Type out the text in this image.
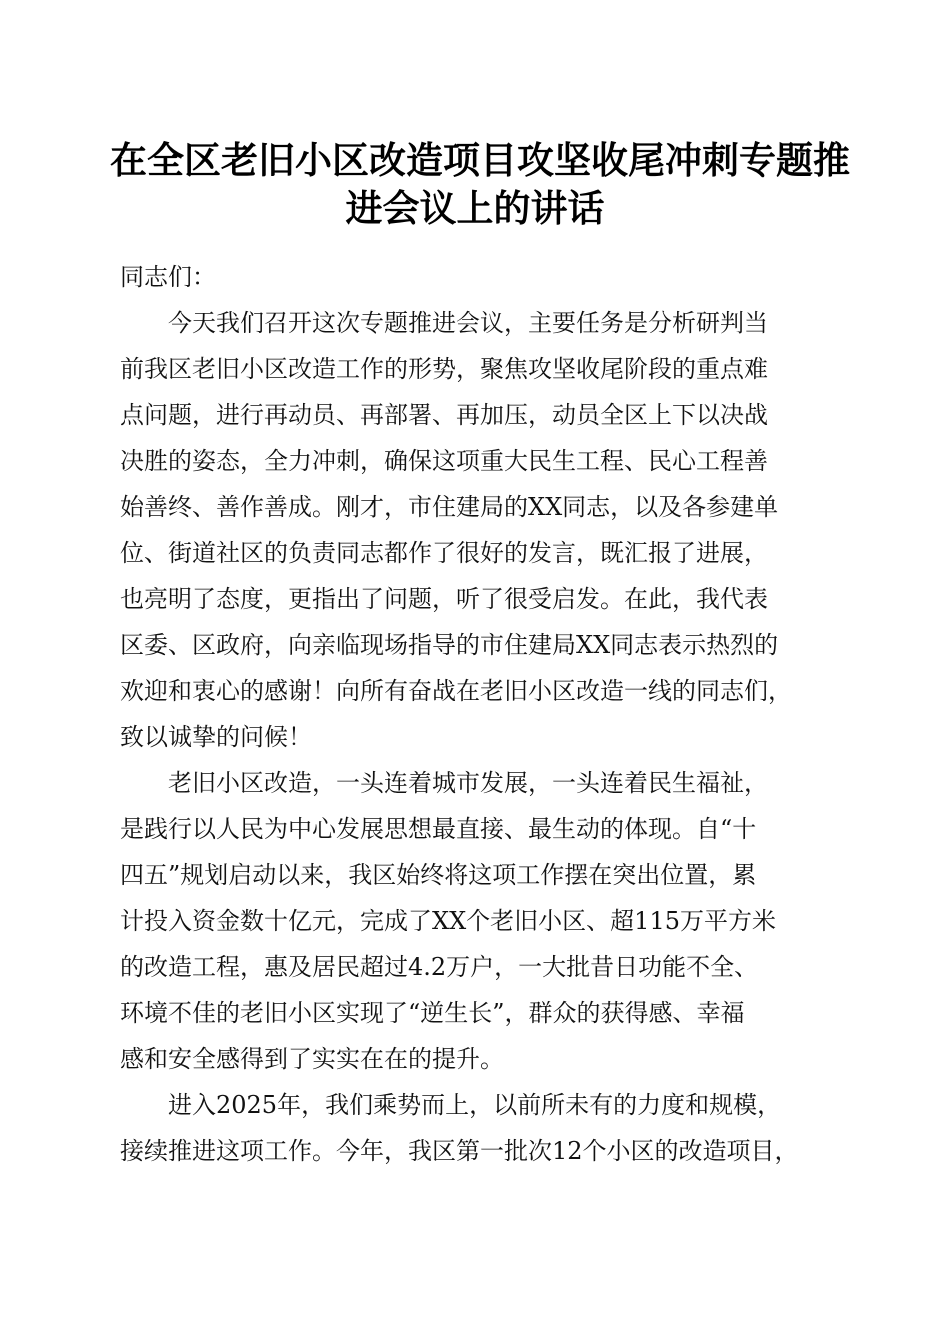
在全区老旧小区改造项目攻坚收尾冲刺专题推
进会议上的讲话
同志们：
今天我们召开这次专题推进会议，主要任务是分析研判当
前我区老旧小区改造工作的形势，聚焦攻坚收尾阶段的重点难
点问题，进行再动员、再部署、再加压，动员全区上下以决战
决胜的姿态，全力冲刺，确保这项重大民生工程、民心工程善
始善终、善作善成。刚才，市住建局的XX同志，以及各参建单
位、街道社区的负责同志都作了很好的发言，既汇报了进展，
也亮明了态度，更指出了问题，听了很受启发。在此，我代表
区委、区政府，向亲临现场指导的市住建局XX同志表示热烈的
欢迎和衷心的感谢！向所有奋战在老旧小区改造一线的同志们，
致以诚挚的问候！
老旧小区改造，一头连着城市发展，一头连着民生福祉，
是践行以人民为中心发展思想最直接、最生动的体现。自“十
四五”规划启动以来，我区始终将这项工作摆在突出位置，累
计投入资金数十亿元，完成了XX个老旧小区、超115万平方米
的改造工程，惠及居民超过4.2万户，一大批昔日功能不全、
环境不佳的老旧小区实现了“逆生长”，群众的获得感、幸福
感和安全感得到了实实在在的提升。
进入2025年，我们乘势而上，以前所未有的力度和规模，
接续推进这项工作。今年，我区第一批次12个小区的改造项目，
